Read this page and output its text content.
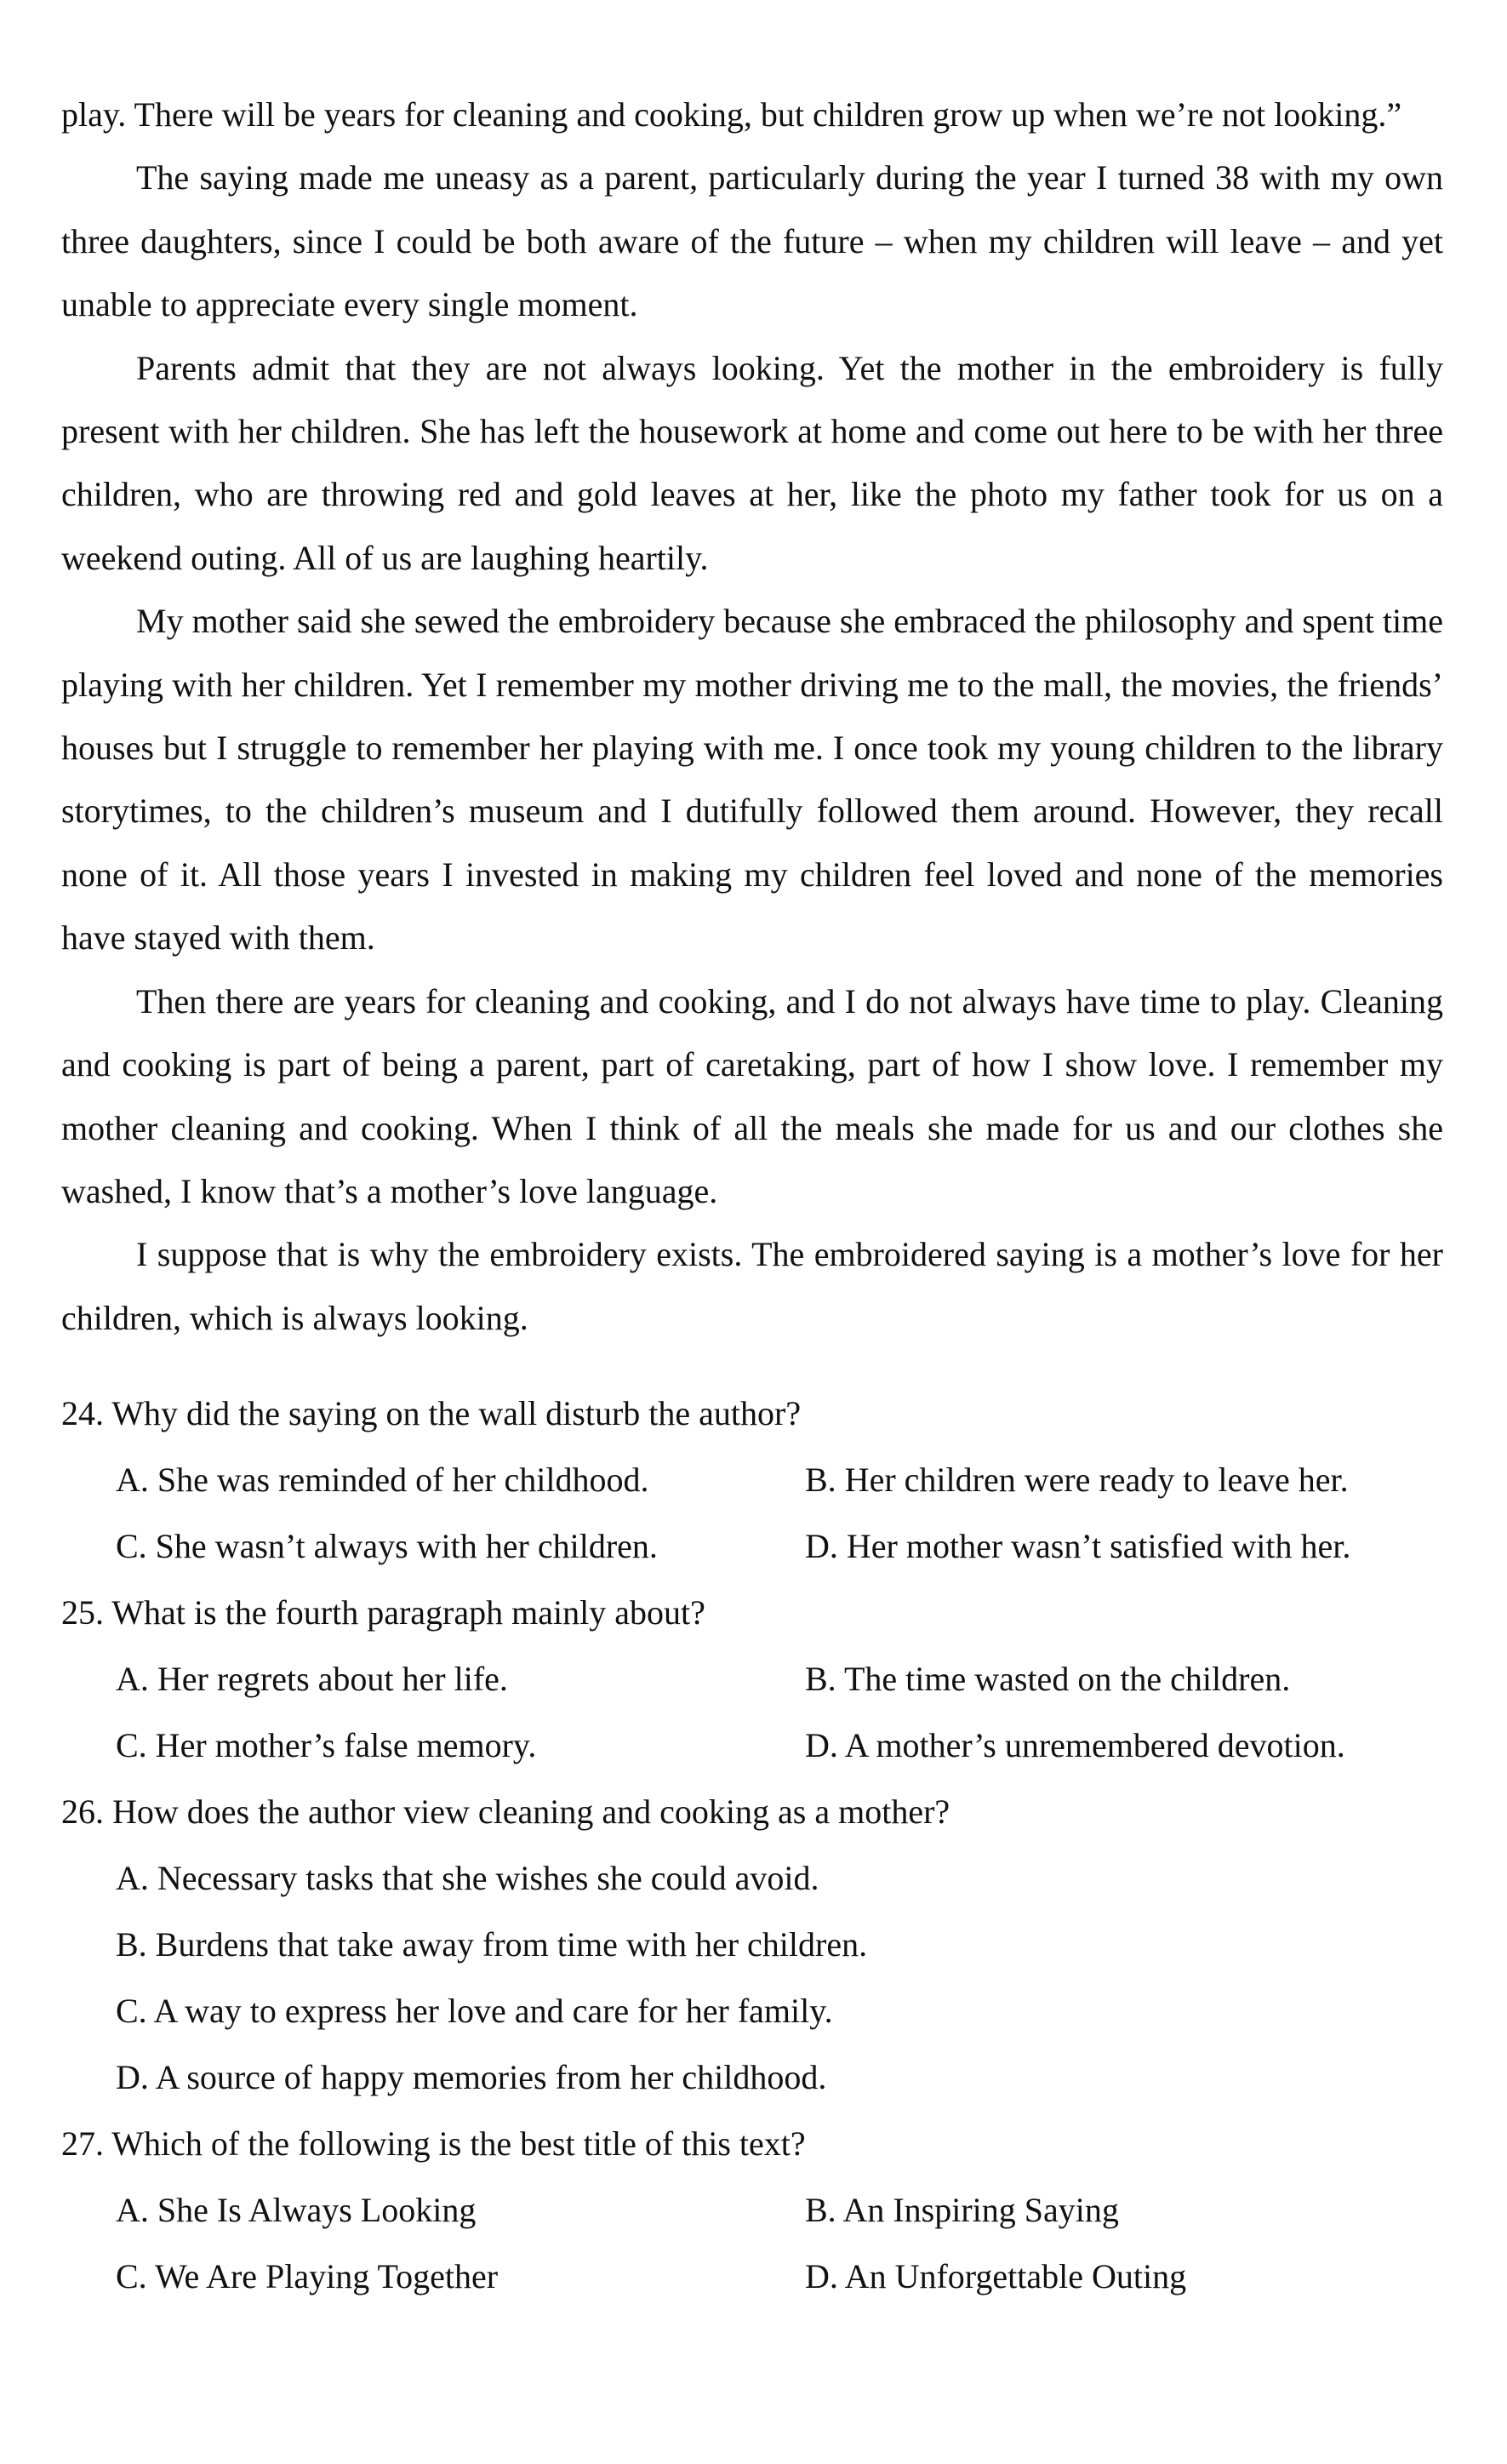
play. There will be years for cleaning and cooking, but children grow up when we’re not looking.”

The saying made me uneasy as a parent, particularly during the year I turned 38 with my own three daughters, since I could be both aware of the future – when my children will leave – and yet unable to appreciate every single moment.

Parents admit that they are not always looking. Yet the mother in the embroidery is fully present with her children. She has left the housework at home and come out here to be with her three children, who are throwing red and gold leaves at her, like the photo my father took for us on a weekend outing. All of us are laughing heartily.

My mother said she sewed the embroidery because she embraced the philosophy and spent time playing with her children. Yet I remember my mother driving me to the mall, the movies, the friends’ houses but I struggle to remember her playing with me. I once took my young children to the library storytimes, to the children’s museum and I dutifully followed them around. However, they recall none of it. All those years I invested in making my children feel loved and none of the memories have stayed with them.

Then there are years for cleaning and cooking, and I do not always have time to play. Cleaning and cooking is part of being a parent, part of caretaking, part of how I show love. I remember my mother cleaning and cooking. When I think of all the meals she made for us and our clothes she washed, I know that’s a mother’s love language.

I suppose that is why the embroidery exists. The embroidered saying is a mother’s love for her children, which is always looking.

24. Why did the saying on the wall disturb the author?

A. She was reminded of her childhood.	B. Her children were ready to leave her.
C. She wasn’t always with her children.	D. Her mother wasn’t satisfied with her.

25. What is the fourth paragraph mainly about?

A. Her regrets about her life.	B. The time wasted on the children.
C. Her mother’s false memory.	D. A mother’s unremembered devotion.

26. How does the author view cleaning and cooking as a mother?

A. Necessary tasks that she wishes she could avoid.
B. Burdens that take away from time with her children.
C. A way to express her love and care for her family.
D. A source of happy memories from her childhood.

27. Which of the following is the best title of this text?

A. She Is Always Looking	B. An Inspiring Saying
C. We Are Playing Together	D. An Unforgettable Outing
